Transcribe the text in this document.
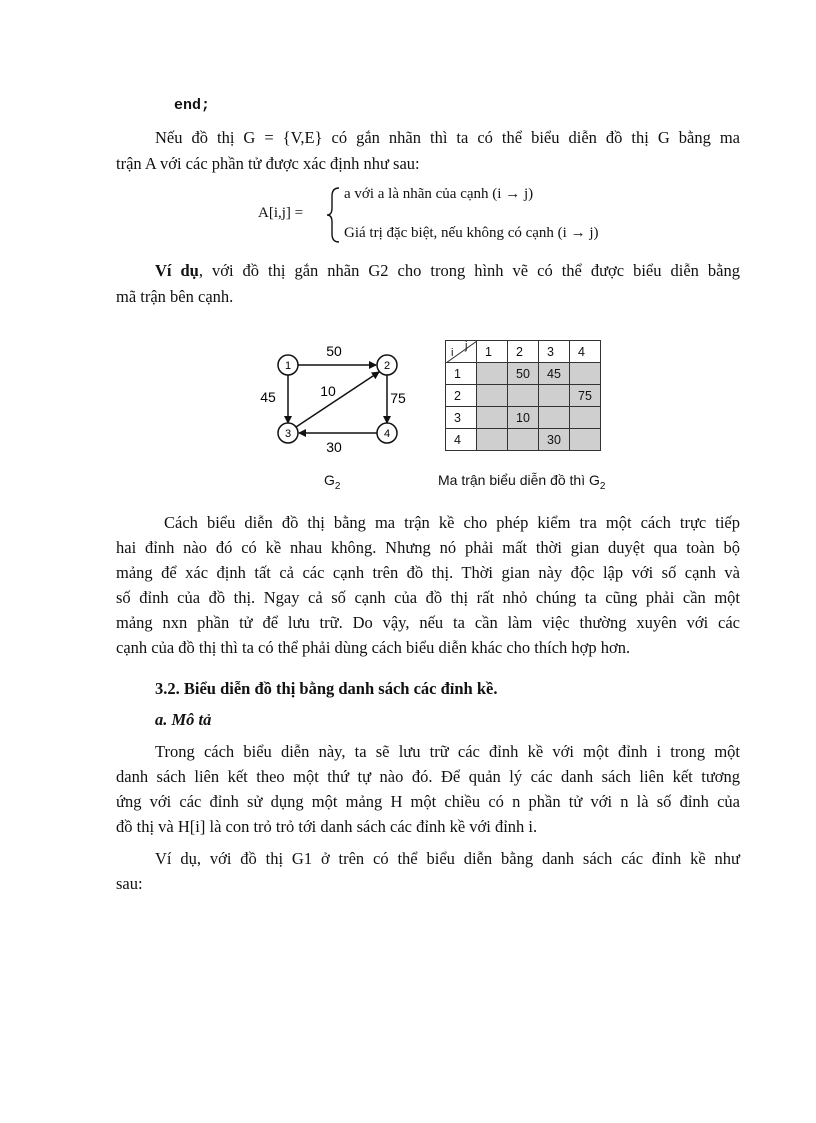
end;
Nếu đồ thị G = {V,E} có gắn nhãn thì ta có thể biểu diễn đồ thị G bằng ma
trận A với các phần tử được xác định như sau:
A[i,j] =
a với a là nhãn của cạnh (i → j)
Giá trị đặc biệt, nếu không có cạnh (i → j)
Ví dụ, với đồ thị gắn nhãn G2 cho trong hình vẽ có thể được biểu diễn bằng
mã trận bên cạnh.
1	2
3	4
50
45	10	75
30
$G_2$
i
j	1	2	3	4
1		50	45	
2				75
3		10		
4			30	
Ma trận biểu diễn đồ thì $G_2$
Cách biểu diễn đồ thị bằng ma trận kề cho phép kiểm tra một cách trực tiếp
hai đỉnh nào đó có kề nhau không. Nhưng nó phải mất thời gian duyệt qua toàn bộ
mảng để xác định tất cả các cạnh trên đồ thị. Thời gian này độc lập với số cạnh và
số đỉnh của đồ thị. Ngay cả số cạnh của đồ thị rất nhỏ chúng ta cũng phải cần một
mảng nxn phần tử để lưu trữ. Do vậy, nếu ta cần làm việc thường xuyên với các
cạnh của đồ thị thì ta có thể phải dùng cách biểu diễn khác cho thích hợp hơn.
3.2. Biểu diễn đồ thị bằng danh sách các đỉnh kề.
a. Mô tả
Trong cách biểu diễn này, ta sẽ lưu trữ các đỉnh kề với một đỉnh i trong một
danh sách liên kết theo một thứ tự nào đó. Để quản lý các danh sách liên kết tương
ứng với các đỉnh sử dụng một mảng H một chiều có n phần tử với n là số đỉnh của
đồ thị và H[i] là con trỏ trỏ tới danh sách các đỉnh kề với đỉnh i.
Ví dụ, với đồ thị G1 ở trên có thể biểu diễn bằng danh sách các đỉnh kề như
sau:
